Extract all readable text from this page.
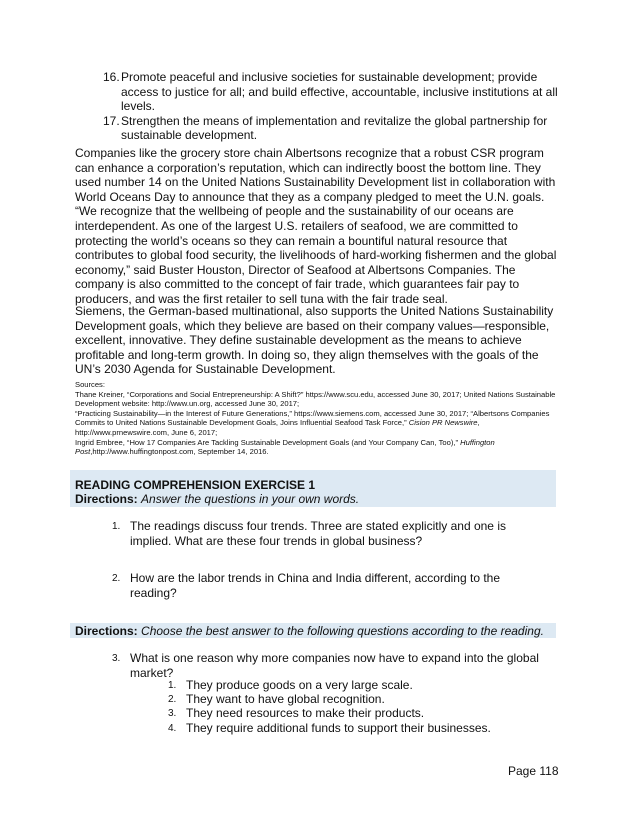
16. Promote peaceful and inclusive societies for sustainable development; provide access to justice for all; and build effective, accountable, inclusive institutions at all levels.
17. Strengthen the means of implementation and revitalize the global partnership for sustainable development.

Companies like the grocery store chain Albertsons recognize that a robust CSR program can enhance a corporation’s reputation, which can indirectly boost the bottom line. They used number 14 on the United Nations Sustainability Development list in collaboration with World Oceans Day to announce that they as a company pledged to meet the U.N. goals. “We recognize that the wellbeing of people and the sustainability of our oceans are interdependent. As one of the largest U.S. retailers of seafood, we are committed to protecting the world’s oceans so they can remain a bountiful natural resource that contributes to global food security, the livelihoods of hard-working fishermen and the global economy,” said Buster Houston, Director of Seafood at Albertsons Companies. The company is also committed to the concept of fair trade, which guarantees fair pay to producers, and was the first retailer to sell tuna with the fair trade seal.

Siemens, the German-based multinational, also supports the United Nations Sustainability Development goals, which they believe are based on their company values—responsible, excellent, innovative. They define sustainable development as the means to achieve profitable and long-term growth. In doing so, they align themselves with the goals of the UN’s 2030 Agenda for Sustainable Development.

Sources:
Thane Kreiner, “Corporations and Social Entrepreneurship: A Shift?” https://www.scu.edu, accessed June 30, 2017; United Nations Sustainable Development website: http://www.un.org, accessed June 30, 2017;
“Practicing Sustainability—in the Interest of Future Generations,” https://www.siemens.com, accessed June 30, 2017; “Albertsons Companies Commits to United Nations Sustainable Development Goals, Joins Influential Seafood Task Force,” Cision PR Newswire, http://www.prnewswire.com, June 6, 2017;
Ingrid Embree, “How 17 Companies Are Tackling Sustainable Development Goals (and Your Company Can, Too),” Huffington Post,http://www.huffingtonpost.com, September 14, 2016.

READING COMPREHENSION EXERCISE 1

Directions: Answer the questions in your own words.

1. The readings discuss four trends. Three are stated explicitly and one is implied. What are these four trends in global business?
2. How are the labor trends in China and India different, according to the reading?

Directions: Choose the best answer to the following questions according to the reading.

3. What is one reason why more companies now have to expand into the global market?
1. They produce goods on a very large scale.
2. They want to have global recognition.
3. They need resources to make their products.
4. They require additional funds to support their businesses.

Page 118
